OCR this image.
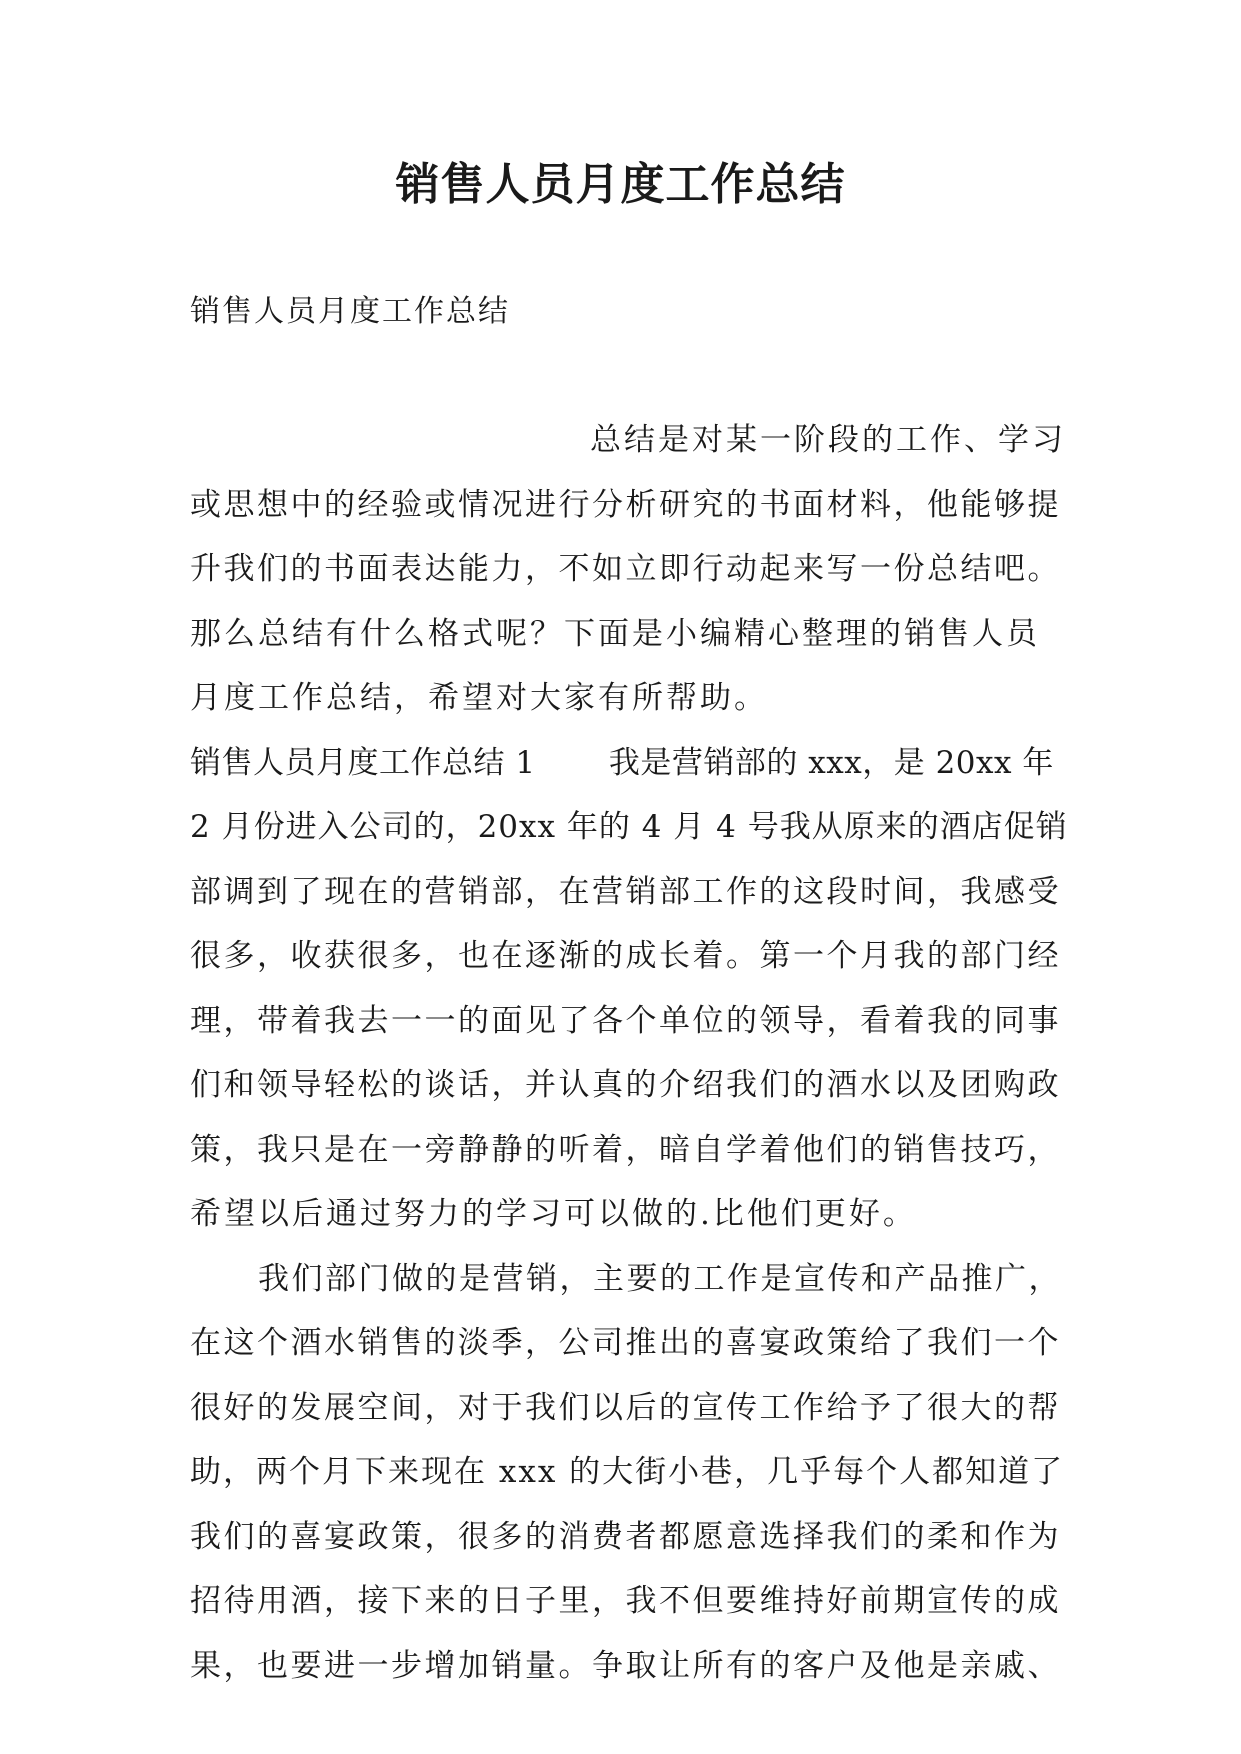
销售人员月度工作总结
销售人员月度工作总结
总结是对某一阶段的工作、学习
或思想中的经验或情况进行分析研究的书面材料，他能够提
升我们的书面表达能力，不如立即行动起来写一份总结吧。
那么总结有什么格式呢？下面是小编精心整理的销售人员
月度工作总结，希望对大家有所帮助。
销售人员月度工作总结 1　　 我是营销部的 xxx，是 20xx 年
2 月份进入公司的，20xx 年的 4 月 4 号我从原来的酒店促销
部调到了现在的营销部，在营销部工作的这段时间，我感受
很多，收获很多，也在逐渐的成长着。第一个月我的部门经
理，带着我去一一的面见了各个单位的领导，看着我的同事
们和领导轻松的谈话，并认真的介绍我们的酒水以及团购政
策，我只是在一旁静静的听着，暗自学着他们的销售技巧，
希望以后通过努力的学习可以做的.比他们更好。
我们部门做的是营销，主要的工作是宣传和产品推广，
在这个酒水销售的淡季，公司推出的喜宴政策给了我们一个
很好的发展空间，对于我们以后的宣传工作给予了很大的帮
助，两个月下来现在 xxx 的大街小巷，几乎每个人都知道了
我们的喜宴政策，很多的消费者都愿意选择我们的柔和作为
招待用酒，接下来的日子里，我不但要维持好前期宣传的成
果，也要进一步增加销量。争取让所有的客户及他是亲戚、
